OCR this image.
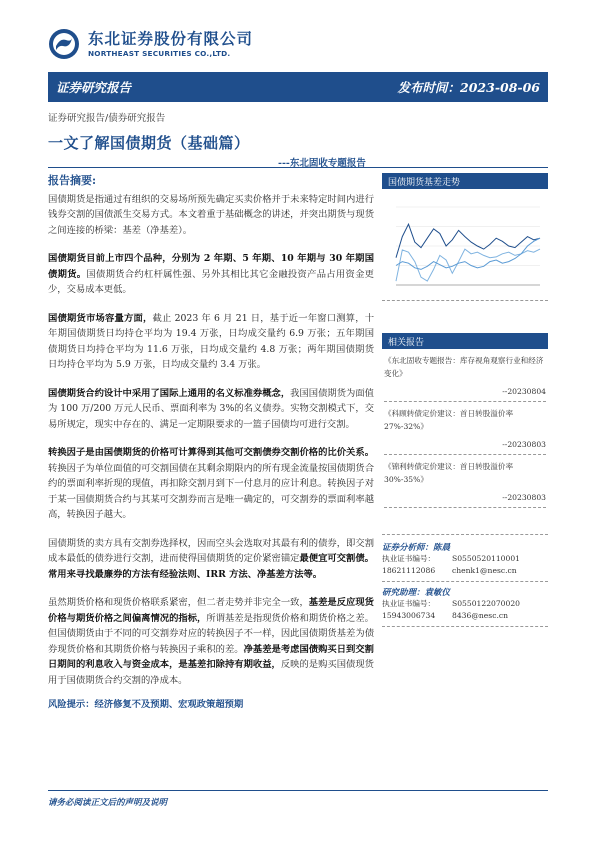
东北证券股份有限公司
NORTHEAST SECURITIES CO.,LTD.
证券研究报告	发布时间：2023-08-06
证券研究报告/债券研究报告
一文了解国债期货（基础篇）
---东北固收专题报告
报告摘要:

国债期货是指通过有组织的交易场所预先确定买卖价格并于未来特定时间内进行钱券交割的国债派生交易方式。本文着重于基础概念的讲述，并突出期货与现货之间连接的桥梁：基差（净基差）。

国债期货目前上市四个品种，分别为 2 年期、5 年期、10 年期与 30 年期国债期货。国债期货合约杠杆属性强、另外其相比其它金融投资产品占用资金更少，交易成本更低。

国债期货市场容量方面，截止 2023 年 6 月 21 日，基于近一年窗口测算，十年期国债期货日均持仓平均为 19.4 万张，日均成交量约 6.9 万张；五年期国债期货日均持仓平均为 11.6 万张，日均成交量约 4.8 万张；两年期国债期货日均持仓平均为 5.9 万张，日均成交量约 3.4 万张。

国债期货合约设计中采用了国际上通用的名义标准券概念，我国国债期货为面值为 100 万/200 万元人民币、票面利率为 3%的名义债券。实物交割模式下，交易所规定，现实中存在的、满足一定期限要求的一篮子国债均可进行交割。

转换因子是由国债期货的价格可计算得到其他可交割债券交割价格的比价关系。转换因子为单位面值的可交割国债在其剩余期限内的所有现金流量按国债期货合约的票面利率折现的现值，再扣除交割月到下一付息月的应计利息。转换因子对于某一国债期货合约与其某可交割券而言是唯一确定的，可交割券的票面利率越高，转换因子越大。

国债期货的卖方具有交割券选择权，因而空头会选取对其最有利的债券，即交割成本最低的债券进行交割，进而使得国债期货的定价紧密锚定最便宜可交割债。常用来寻找最廉券的方法有经验法则、IRR 方法、净基差方法等。

虽然期货价格和现货价格联系紧密，但二者走势并非完全一致，基差是反应现货价格与期货价格之间偏离情况的指标，所谓基差是指现货价格和期货价格之差。但国债期货由于不同的可交割券对应的转换因子不一样，因此国债期货基差为债券现货价格和其期货价格与转换因子乘积的差。净基差是考虑国债购买日到交割日期间的利息收入与资金成本，是基差扣除持有期收益，反映的是购买国债现货用于国债期货合约交割的净成本。

风险提示：经济修复不及预期、宏观政策超预期
国债期货基差走势
相关报告
《东北固收专题报告：库存视角观察行业和经济变化》
--20230804
《科顾转债定价建议：首日转股溢价率 27%-32%》
--20230803
《锦利转债定价建议：首日转股溢价率 30%-35%》
--20230803
证券分析师：陈晨
执业证书编号： S0550520110001
18621112086 chenk1@nesc.cn
研究助理：袁敏仪
执业证书编号： S0550122070020
15943006734 8436@nesc.cn
请务必阅读正文后的声明及说明
